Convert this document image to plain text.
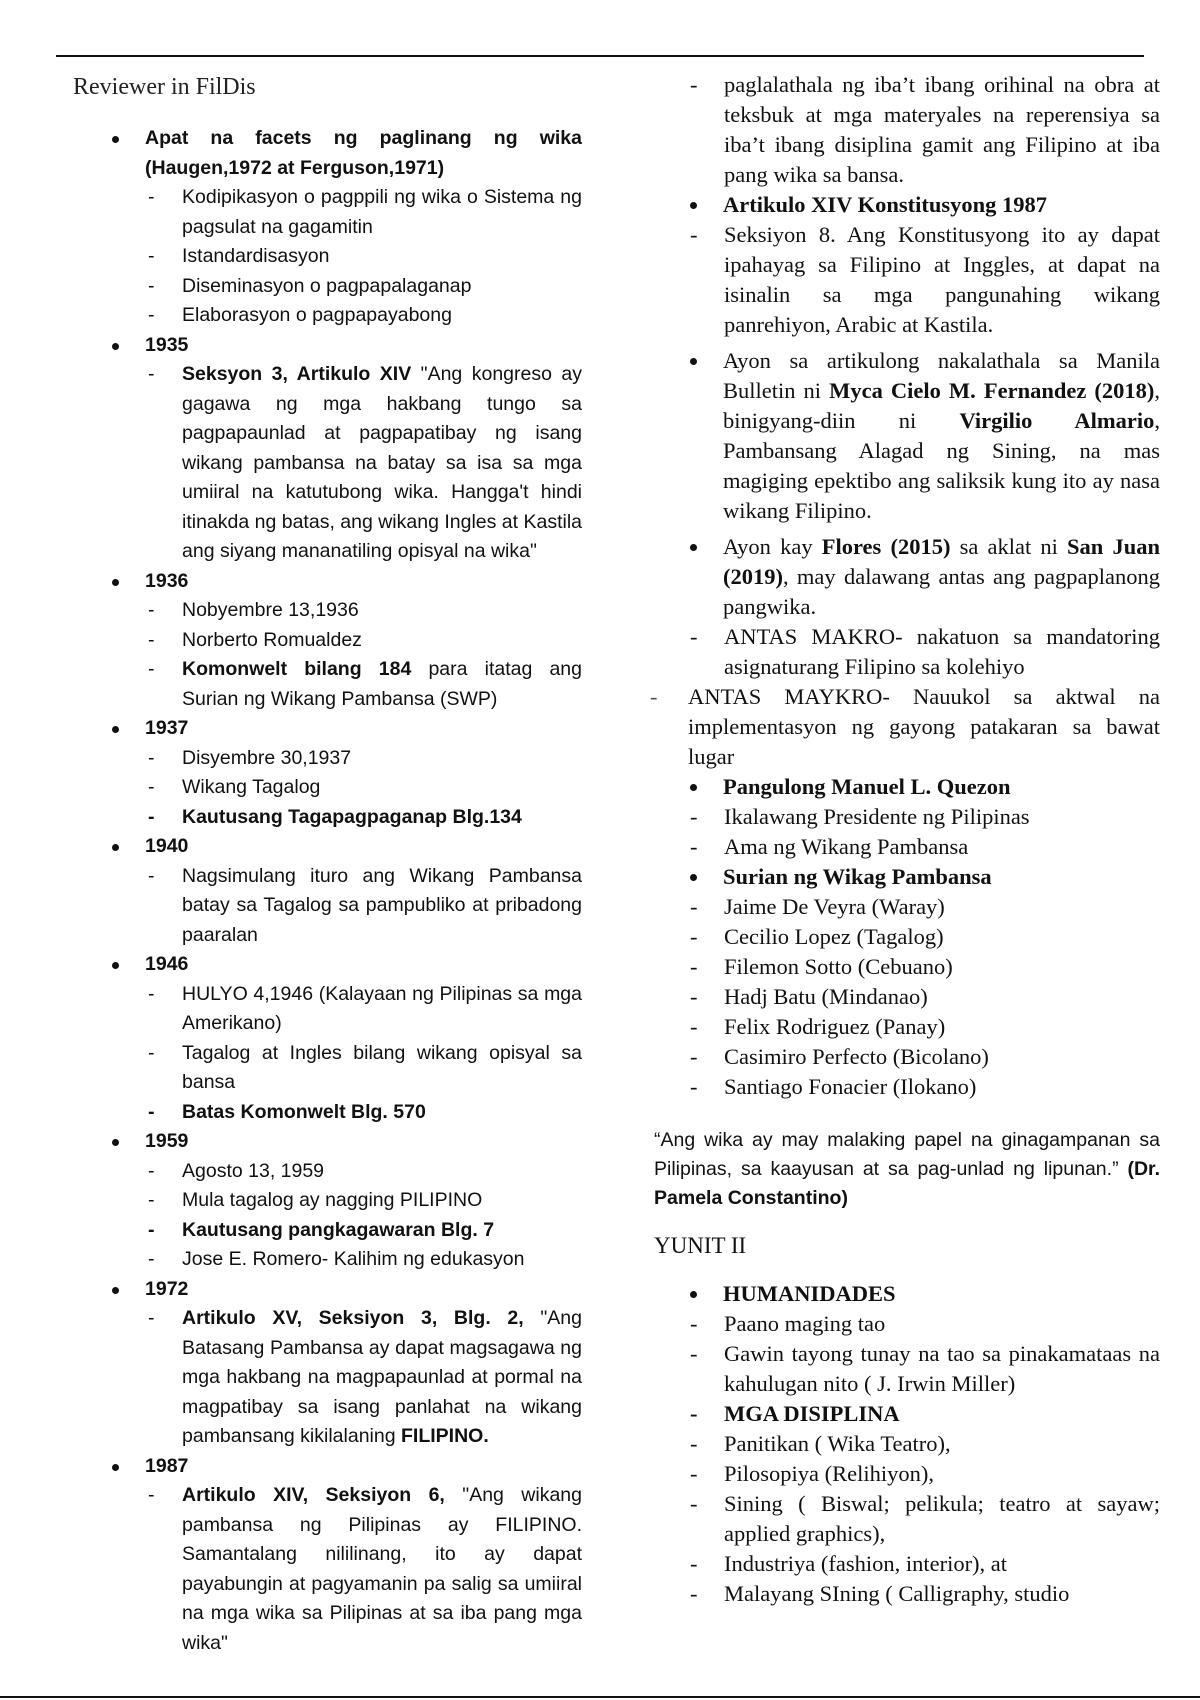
Reviewer in FilDis
Apat na facets ng paglinang ng wika (Haugen,1972 at Ferguson,1971)
- Kodipikasyon o pagppili ng wika o Sistema ng pagsulat na gagamitin
- Istandardisasyon
- Diseminasyon o pagpapalaganap
- Elaborasyon o pagpapayabong
1935
- Seksyon 3, Artikulo XIV "Ang kongreso ay gagawa ng mga hakbang tungo sa pagpapaunlad at pagpapatibay ng isang wikang pambansa na batay sa isa sa mga umiiral na katutubong wika. Hangga't hindi itinakda ng batas, ang wikang Ingles at Kastila ang siyang mananatiling opisyal na wika"
1936
- Nobyembre 13,1936
- Norberto Romualdez
- Komonwelt bilang 184 para itatag ang Surian ng Wikang Pambansa (SWP)
1937
- Disyembre 30,1937
- Wikang Tagalog
- Kautusang Tagapagpaganap Blg.134
1940
- Nagsimulang ituro ang Wikang Pambansa batay sa Tagalog sa pampubliko at pribadong paaralan
1946
- HULYO 4,1946 (Kalayaan ng Pilipinas sa mga Amerikano)
- Tagalog at Ingles bilang wikang opisyal sa bansa
- Batas Komonwelt Blg. 570
1959
- Agosto 13, 1959
- Mula tagalog ay nagging PILIPINO
- Kautusang pangkagawaran Blg. 7
- Jose E. Romero- Kalihim ng edukasyon
1972
- Artikulo XV, Seksiyon 3, Blg. 2, "Ang Batasang Pambansa ay dapat magsagawa ng mga hakbang na magpapaunlad at pormal na magpatibay sa isang panlahat na wikang pambansang kikilalaning FILIPINO.
1987
- Artikulo XIV, Seksiyon 6, "Ang wikang pambansa ng Pilipinas ay FILIPINO. Samantalang nililinang, ito ay dapat payabungin at pagyamanin pa salig sa umiiral na mga wika sa Pilipinas at sa iba pang mga wika"
- paglalathala ng iba’t ibang orihinal na obra at teksbuk at mga materyales na reperensiya sa iba’t ibang disiplina gamit ang Filipino at iba pang wika sa bansa.
Artikulo XIV Konstitusyong 1987
- Seksiyon 8. Ang Konstitusyong ito ay dapat ipahayag sa Filipino at Inggles, at dapat na isinalin sa mga pangunahing wikang panrehiyon, Arabic at Kastila.
Ayon sa artikulong nakalathala sa Manila Bulletin ni Myca Cielo M. Fernandez (2018), binigyang-diin ni Virgilio Almario, Pambansang Alagad ng Sining, na mas magiging epektibo ang saliksik kung ito ay nasa wikang Filipino.
Ayon kay Flores (2015) sa aklat ni San Juan (2019), may dalawang antas ang pagpaplanong pangwika.
- ANTAS MAKRO- nakatuon sa mandatoring asignaturang Filipino sa kolehiyo
- ANTAS MAYKRO- Nauukol sa aktwal na implementasyon ng gayong patakaran sa bawat lugar
Pangulong Manuel L. Quezon
- Ikalawang Presidente ng Pilipinas
- Ama ng Wikang Pambansa
Surian ng Wikag Pambansa
- Jaime De Veyra (Waray)
- Cecilio Lopez (Tagalog)
- Filemon Sotto (Cebuano)
- Hadj Batu (Mindanao)
- Felix Rodriguez (Panay)
- Casimiro Perfecto (Bicolano)
- Santiago Fonacier (Ilokano)
“Ang wika ay may malaking papel na ginagampanan sa Pilipinas, sa kaayusan at sa pag-unlad ng lipunan.” (Dr. Pamela Constantino)
YUNIT II
HUMANIDADES
- Paano maging tao
- Gawin tayong tunay na tao sa pinakamataas na kahulugan nito ( J. Irwin Miller)
- MGA DISIPLINA
- Panitikan ( Wika Teatro),
- Pilosopiya (Relihiyon),
- Sining ( Biswal; pelikula; teatro at sayaw; applied graphics),
- Industriya (fashion, interior), at
- Malayang SIning ( Calligraphy, studio
